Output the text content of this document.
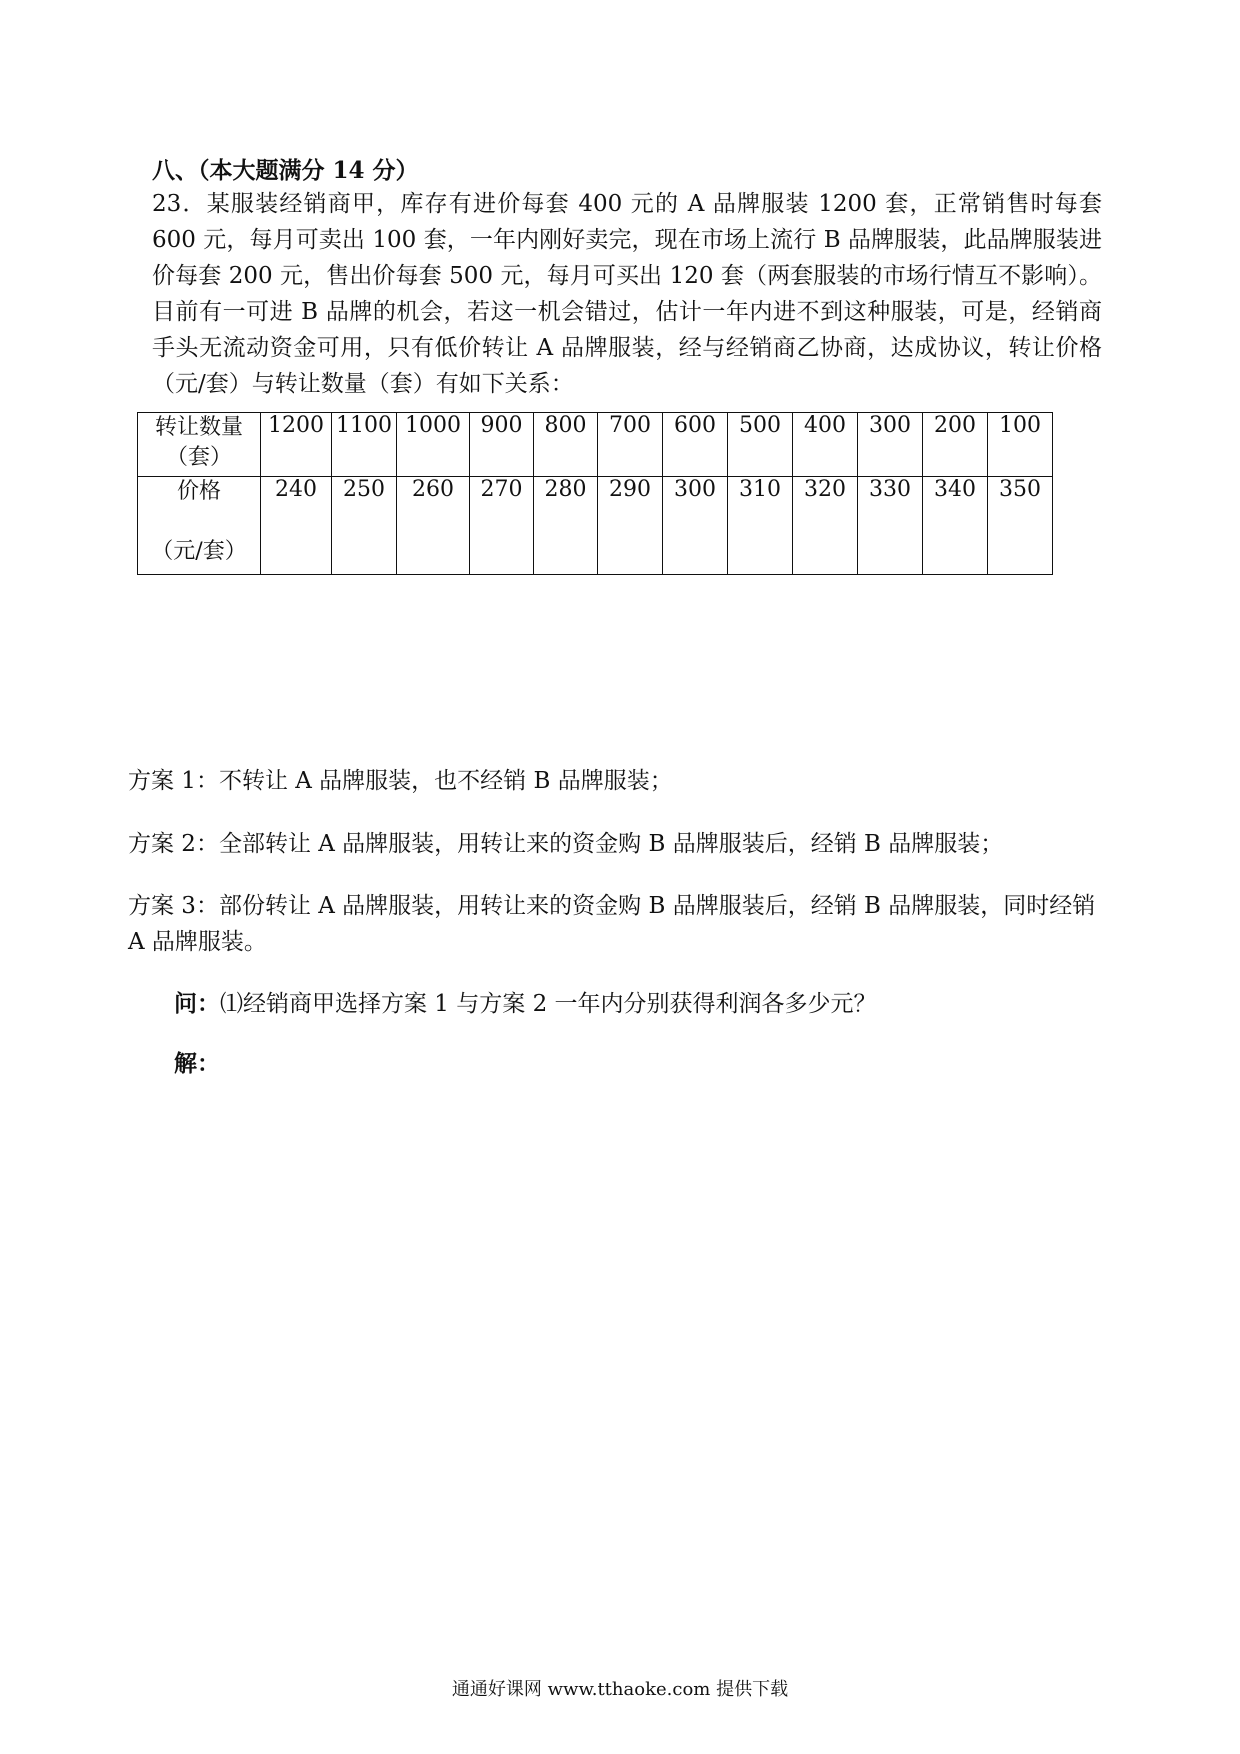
八、（本大题满分 14 分）
23．某服装经销商甲，库存有进价每套 400 元的 A 品牌服装 1200 套，正常销售时每套 600 元，每月可卖出 100 套，一年内刚好卖完，现在市场上流行 B 品牌服装，此品牌服装进价每套 200 元，售出价每套 500 元，每月可买出 120 套（两套服装的市场行情互不影响）。目前有一可进 B 品牌的机会，若这一机会错过，估计一年内进不到这种服装，可是，经销商手头无流动资金可用，只有低价转让 A 品牌服装，经与经销商乙协商，达成协议，转让价格（元/套）与转让数量（套）有如下关系：
转让数量
（套）	1200	1100	1000	900	800	700	600	500	400	300	200	100

价格
（元/套）	240	250	260	270	280	290	300	310	320	330	340	350
方案 1：不转让 A 品牌服装，也不经销 B 品牌服装；
方案 2：全部转让 A 品牌服装，用转让来的资金购 B 品牌服装后，经销 B 品牌服装；
方案 3：部份转让 A 品牌服装，用转让来的资金购 B 品牌服装后，经销 B 品牌服装，同时经销 A 品牌服装。
问：⑴经销商甲选择方案 1 与方案 2 一年内分别获得利润各多少元？
解：
通通好课网 www.tthaoke.com 提供下载
